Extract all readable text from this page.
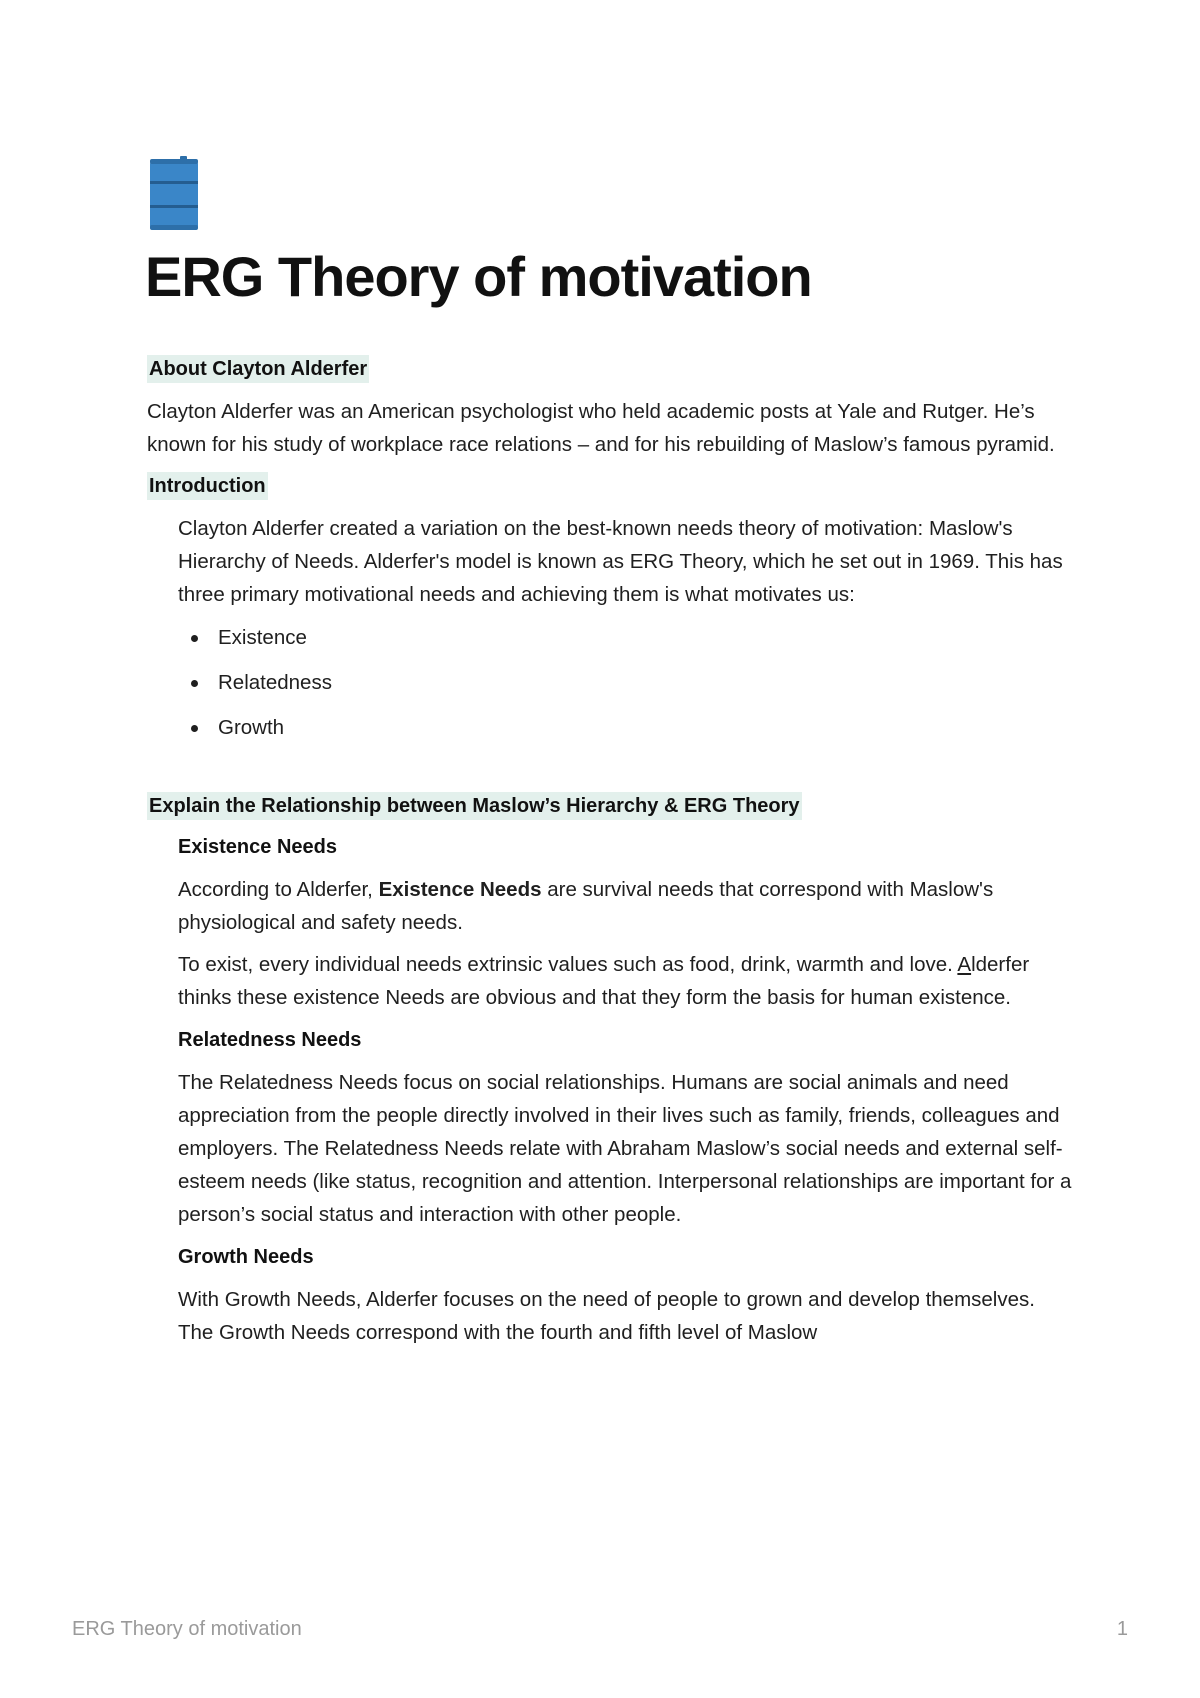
ERG Theory of motivation
About Clayton Alderfer

Clayton Alderfer was an American psychologist who held academic posts at Yale and Rutger. He’s known for his study of workplace race relations – and for his rebuilding of Maslow’s famous pyramid.

Introduction

Clayton Alderfer created a variation on the best-known needs theory of motivation: Maslow's Hierarchy of Needs. Alderfer's model is known as ERG Theory, which he set out in 1969. This has three primary motivational needs and achieving them is what motivates us:

Existence
Relatedness
Growth
Explain the Relationship between Maslow’s Hierarchy & ERG Theory
Existence Needs

According to Alderfer, Existence Needs are survival needs that correspond with Maslow's physiological and safety needs.

To exist, every individual needs extrinsic values such as food, drink, warmth and love. Alderfer thinks these existence Needs are obvious and that they form the basis for human existence.

Relatedness Needs

The Relatedness Needs focus on social relationships. Humans are social animals and need appreciation from the people directly involved in their lives such as family, friends, colleagues and employers. The Relatedness Needs relate with Abraham Maslow’s social needs and external self-esteem needs (like status, recognition and attention. Interpersonal relationships are important for a person’s social status and interaction with other people.

Growth Needs

With Growth Needs, Alderfer focuses on the need of people to grown and develop themselves. The Growth Needs correspond with the fourth and fifth level of Maslow

ERG Theory of motivation	1
